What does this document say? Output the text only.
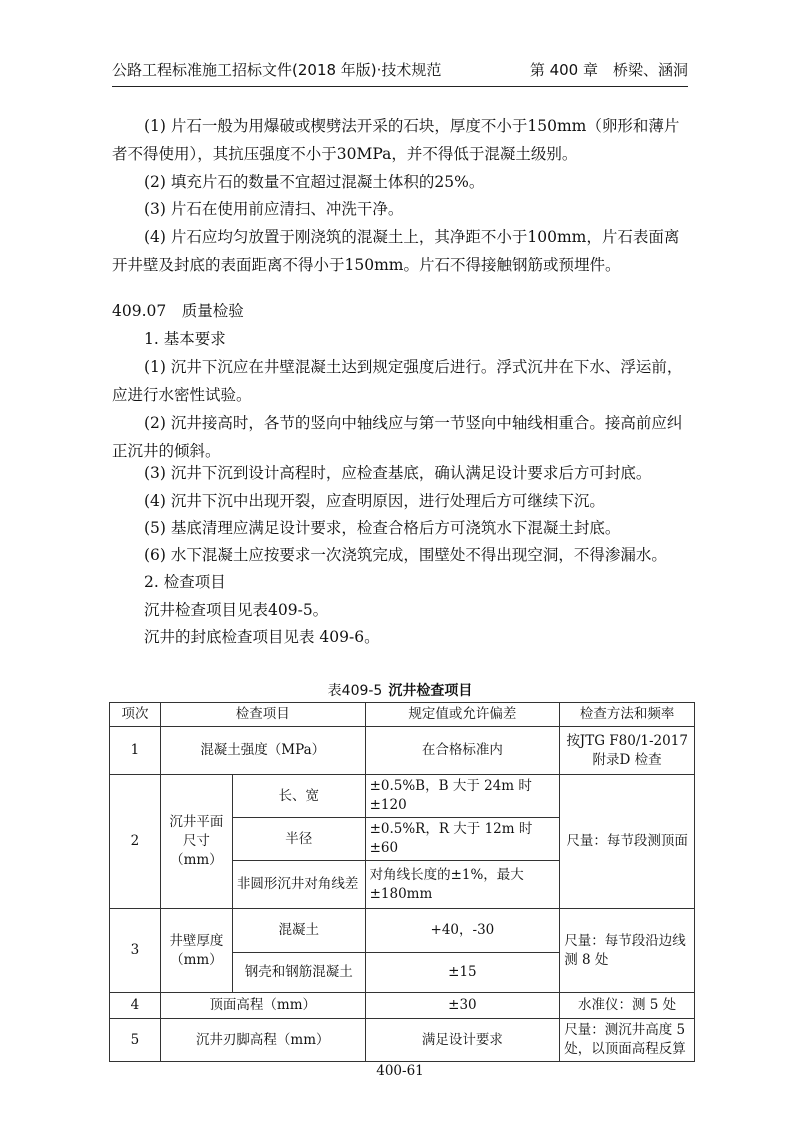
公路工程标准施工招标文件(2018 年版)·技术规范	第 400 章　桥梁、涵洞

(1) 片石一般为用爆破或楔劈法开采的石块，厚度不小于150mm（卵形和薄片者不得使用），其抗压强度不小于30MPa，并不得低于混凝土级别。

(2) 填充片石的数量不宜超过混凝土体积的25%。

(3) 片石在使用前应清扫、冲洗干净。

(4) 片石应均匀放置于刚浇筑的混凝土上，其净距不小于100mm，片石表面离开井壁及封底的表面距离不得小于150mm。片石不得接触钢筋或预埋件。

409.07　质量检验

1. 基本要求

(1) 沉井下沉应在井壁混凝土达到规定强度后进行。浮式沉井在下水、浮运前，应进行水密性试验。

(2) 沉井接高时，各节的竖向中轴线应与第一节竖向中轴线相重合。接高前应纠正沉井的倾斜。

(3) 沉井下沉到设计高程时，应检查基底，确认满足设计要求后方可封底。

(4) 沉井下沉中出现开裂，应查明原因，进行处理后方可继续下沉。

(5) 基底清理应满足设计要求，检查合格后方可浇筑水下混凝土封底。

(6) 水下混凝土应按要求一次浇筑完成，围壁处不得出现空洞，不得渗漏水。

2. 检查项目

沉井检查项目见表409-5。

沉井的封底检查项目见表 409-6。

表409-5 沉井检查项目
项次	检查项目		规定值或允许偏差	检查方法和频率
1	混凝土强度（MPa）		在合格标准内	按JTG F80/1-2017附录D 检查
2	沉井平面尺寸（mm）	长、宽	±0.5%B，B 大于 24m 时±120	尺量：每节段测顶面
		半径	±0.5%R，R 大于 12m 时±60	
		非圆形沉井对角线差	对角线长度的±1%，最大±180mm	
3	井壁厚度（mm）	混凝土	+40，-30	尺量：每节段沿边线测 8 处
		钢壳和钢筋混凝土	±15	
4	顶面高程（mm）		±30	水准仪：测 5 处
5	沉井刃脚高程（mm）		满足设计要求	尺量：测沉井高度 5处，以顶面高程反算
400-61
